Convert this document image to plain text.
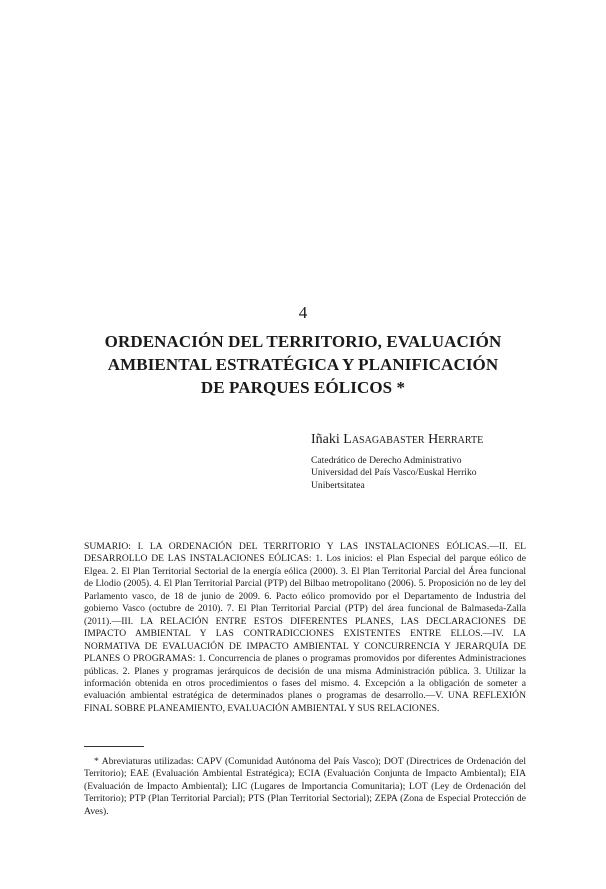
4
ORDENACIÓN DEL TERRITORIO, EVALUACIÓN
AMBIENTAL ESTRATÉGICA Y PLANIFICACIÓN
DE PARQUES EÓLICOS *
Iñaki Lasagabaster Herrarte
Catedrático de Derecho Administrativo
Universidad del País Vasco/Euskal Herriko
Unibertsitatea

SUMARIO: I. LA ORDENACIÓN DEL TERRITORIO Y LAS INSTALACIONES EÓLICAS.—II. EL DESARROLLO DE LAS INSTALACIONES EÓLICAS: 1. Los inicios: el Plan Especial del parque eólico de Elgea. 2. El Plan Territorial Sectorial de la energía eólica (2000). 3. El Plan Territorial Parcial del Área funcional de Llodio (2005). 4. El Plan Territorial Parcial (PTP) del Bilbao metropolitano (2006). 5. Proposición no de ley del Parlamento vasco, de 18 de junio de 2009. 6. Pacto eólico promovido por el Departamento de Industria del gobierno Vasco (octubre de 2010). 7. El Plan Territorial Parcial (PTP) del área funcional de Balmaseda-Zalla (2011).—III. LA RELACIÓN ENTRE ESTOS DIFERENTES PLANES, LAS DECLARACIONES DE IMPACTO AMBIENTAL Y LAS CONTRADICCIONES EXISTENTES ENTRE ELLOS.—IV. LA NORMATIVA DE EVALUACIÓN DE IMPACTO AMBIENTAL Y CONCURRENCIA Y JERARQUÍA DE PLANES O PROGRAMAS: 1. Concurrencia de planes o programas promovidos por diferentes Administraciones públicas. 2. Planes y programas jerárquicos de decisión de una misma Administración pública. 3. Utilizar la información obtenida en otros procedimientos o fases del mismo. 4. Excepción a la obligación de someter a evaluación ambiental estratégica de determinados planes o programas de desarrollo.—V. UNA REFLEXIÓN FINAL SOBRE PLANEAMIENTO, EVALUACIÓN AMBIENTAL Y SUS RELACIONES.

* Abreviaturas utilizadas: CAPV (Comunidad Autónoma del País Vasco); DOT (Directrices de Ordenación del Territorio); EAE (Evaluación Ambiental Estratégica); ECIA (Evaluación Conjunta de Impacto Ambiental); EIA (Evaluación de Impacto Ambiental); LIC (Lugares de Importancia Comunitaria); LOT (Ley de Ordenación del Territorio); PTP (Plan Territorial Parcial); PTS (Plan Territorial Sectorial); ZEPA (Zona de Especial Protección de Aves).
